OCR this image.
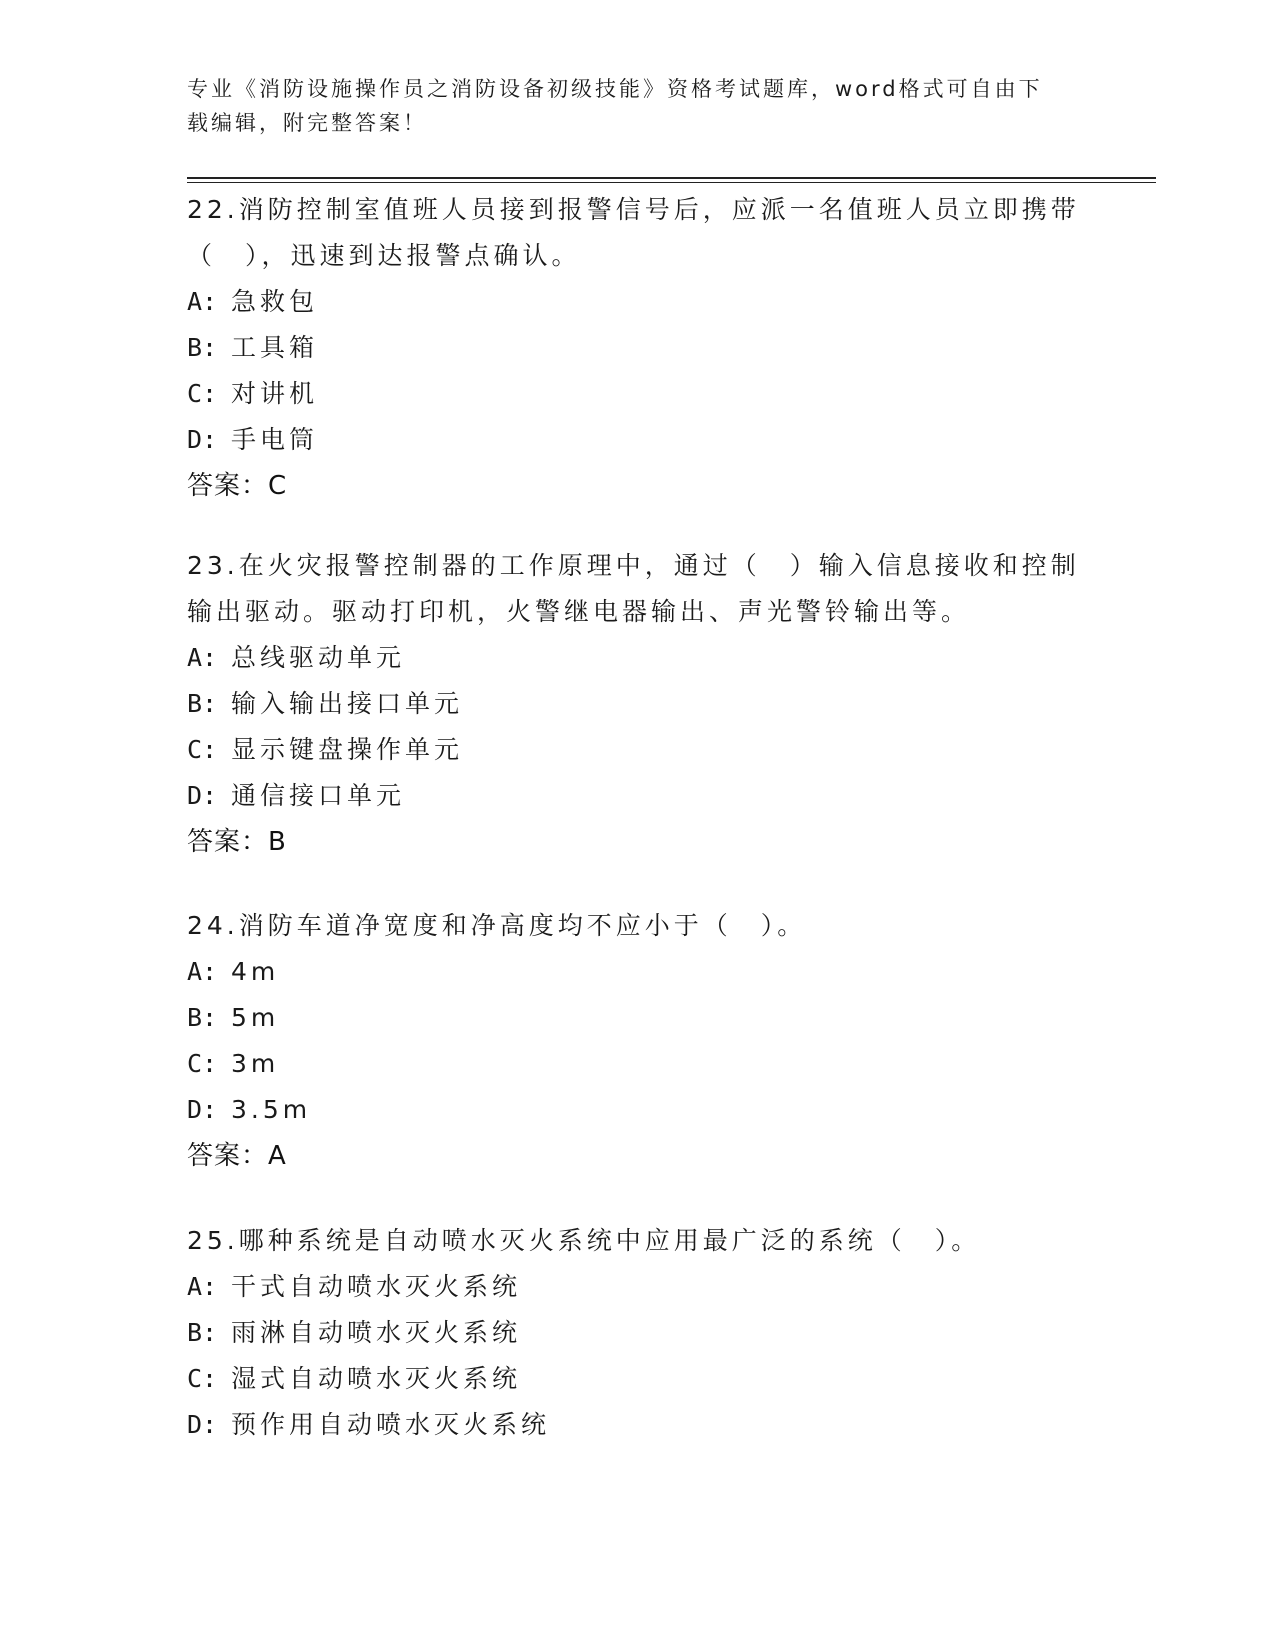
专业《消防设施操作员之消防设备初级技能》资格考试题库，word格式可自由下
载编辑，附完整答案！
22.消防控制室值班人员接到报警信号后，应派一名值班人员立即携带
（　），迅速到达报警点确认。
A: 急救包
B: 工具箱
C: 对讲机
D: 手电筒
答案：C
23.在火灾报警控制器的工作原理中，通过（　）输入信息接收和控制
输出驱动。驱动打印机，火警继电器输出、声光警铃输出等。
A: 总线驱动单元
B: 输入输出接口单元
C: 显示键盘操作单元
D: 通信接口单元
答案：B
24.消防车道净宽度和净高度均不应小于（　）。
A: 4m
B: 5m
C: 3m
D: 3.5m
答案：A
25.哪种系统是自动喷水灭火系统中应用最广泛的系统（　）。
A: 干式自动喷水灭火系统
B: 雨淋自动喷水灭火系统
C: 湿式自动喷水灭火系统
D: 预作用自动喷水灭火系统
